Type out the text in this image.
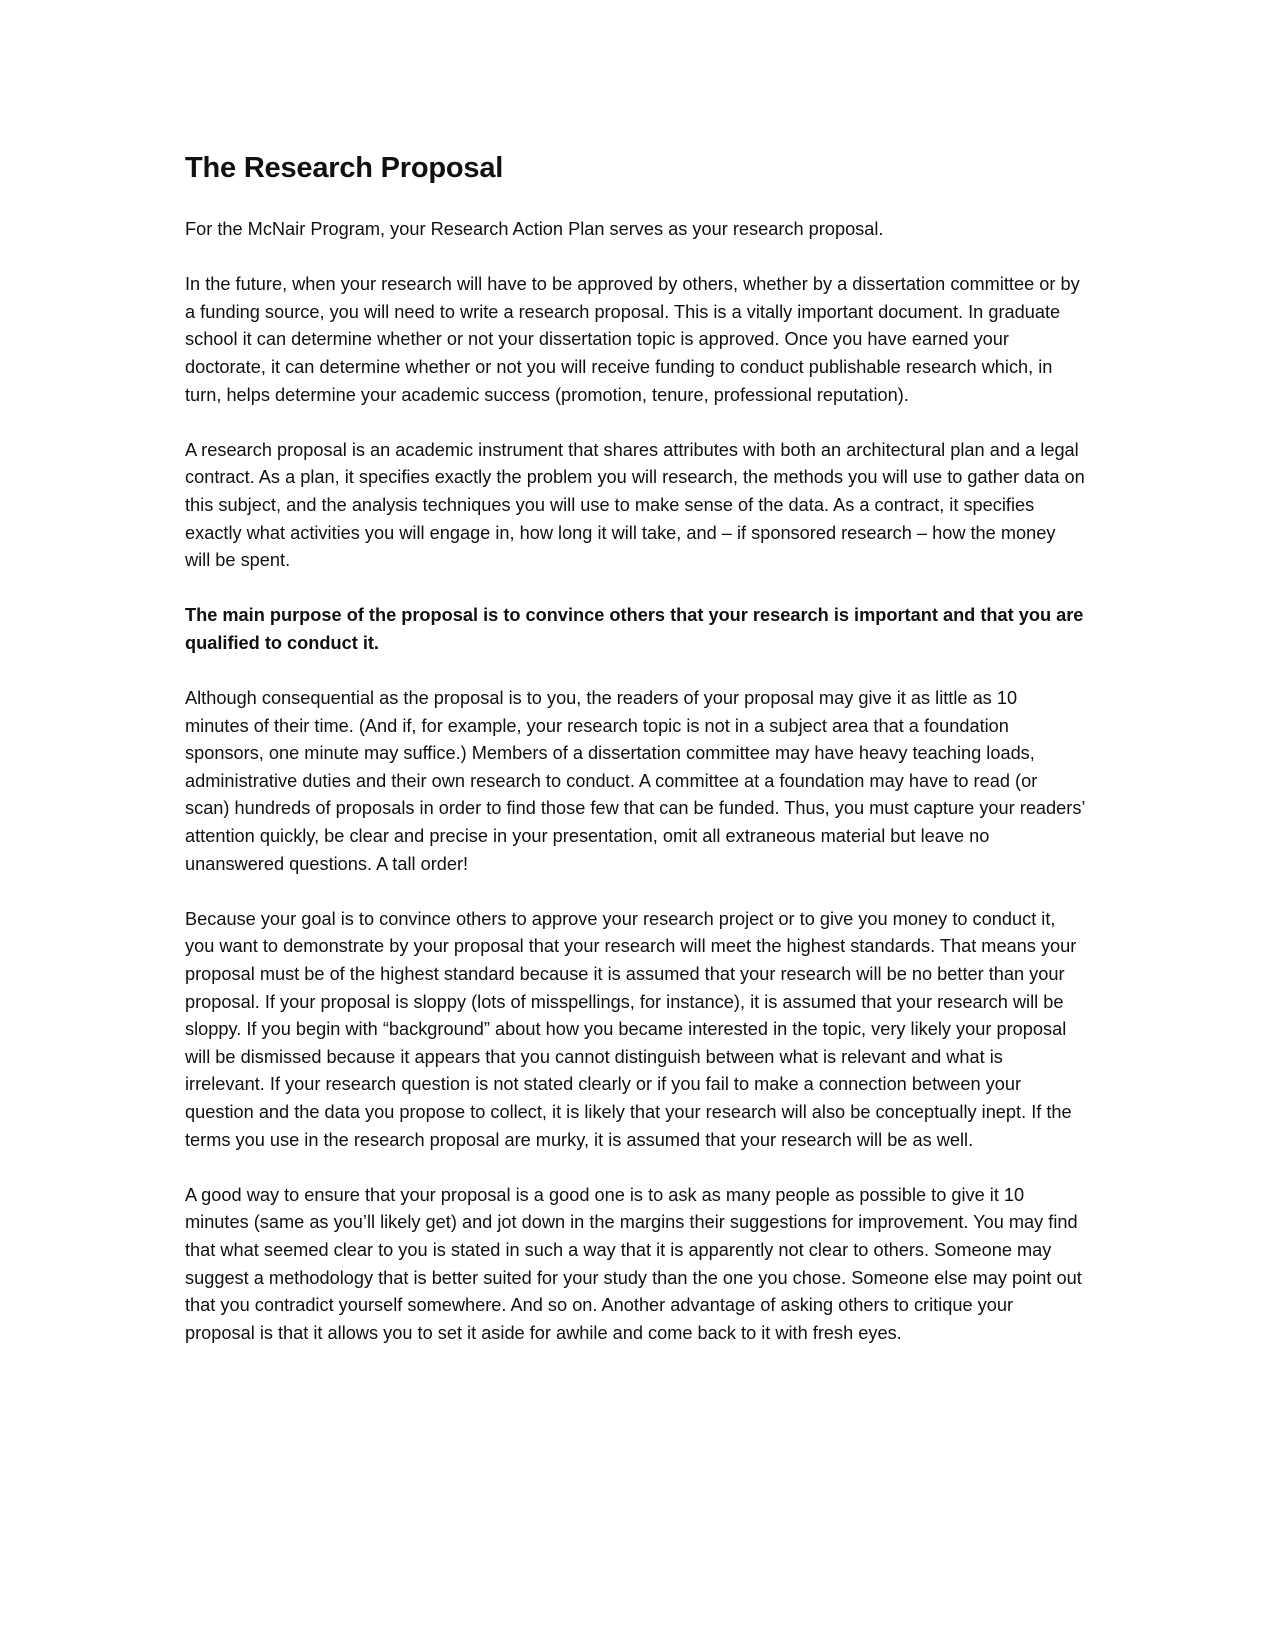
The Research Proposal

For the McNair Program, your Research Action Plan serves as your research proposal.

In the future, when your research will have to be approved by others, whether by a dissertation committee or by a funding source, you will need to write a research proposal. This is a vitally important document. In graduate school it can determine whether or not your dissertation topic is approved. Once you have earned your doctorate, it can determine whether or not you will receive funding to conduct publishable research which, in turn, helps determine your academic success (promotion, tenure, professional reputation).

A research proposal is an academic instrument that shares attributes with both an architectural plan and a legal contract. As a plan, it specifies exactly the problem you will research, the methods you will use to gather data on this subject, and the analysis techniques you will use to make sense of the data. As a contract, it specifies exactly what activities you will engage in, how long it will take, and – if sponsored research – how the money will be spent.

The main purpose of the proposal is to convince others that your research is important and that you are qualified to conduct it.

Although consequential as the proposal is to you, the readers of your proposal may give it as little as 10 minutes of their time. (And if, for example, your research topic is not in a subject area that a foundation sponsors, one minute may suffice.) Members of a dissertation committee may have heavy teaching loads, administrative duties and their own research to conduct. A committee at a foundation may have to read (or scan) hundreds of proposals in order to find those few that can be funded. Thus, you must capture your readers’ attention quickly, be clear and precise in your presentation, omit all extraneous material but leave no unanswered questions. A tall order!

Because your goal is to convince others to approve your research project or to give you money to conduct it, you want to demonstrate by your proposal that your research will meet the highest standards. That means your proposal must be of the highest standard because it is assumed that your research will be no better than your proposal. If your proposal is sloppy (lots of misspellings, for instance), it is assumed that your research will be sloppy. If you begin with “background” about how you became interested in the topic, very likely your proposal will be dismissed because it appears that you cannot distinguish between what is relevant and what is irrelevant. If your research question is not stated clearly or if you fail to make a connection between your question and the data you propose to collect, it is likely that your research will also be conceptually inept. If the terms you use in the research proposal are murky, it is assumed that your research will be as well.

A good way to ensure that your proposal is a good one is to ask as many people as possible to give it 10 minutes (same as you’ll likely get) and jot down in the margins their suggestions for improvement. You may find that what seemed clear to you is stated in such a way that it is apparently not clear to others. Someone may suggest a methodology that is better suited for your study than the one you chose. Someone else may point out that you contradict yourself somewhere. And so on. Another advantage of asking others to critique your proposal is that it allows you to set it aside for awhile and come back to it with fresh eyes.
